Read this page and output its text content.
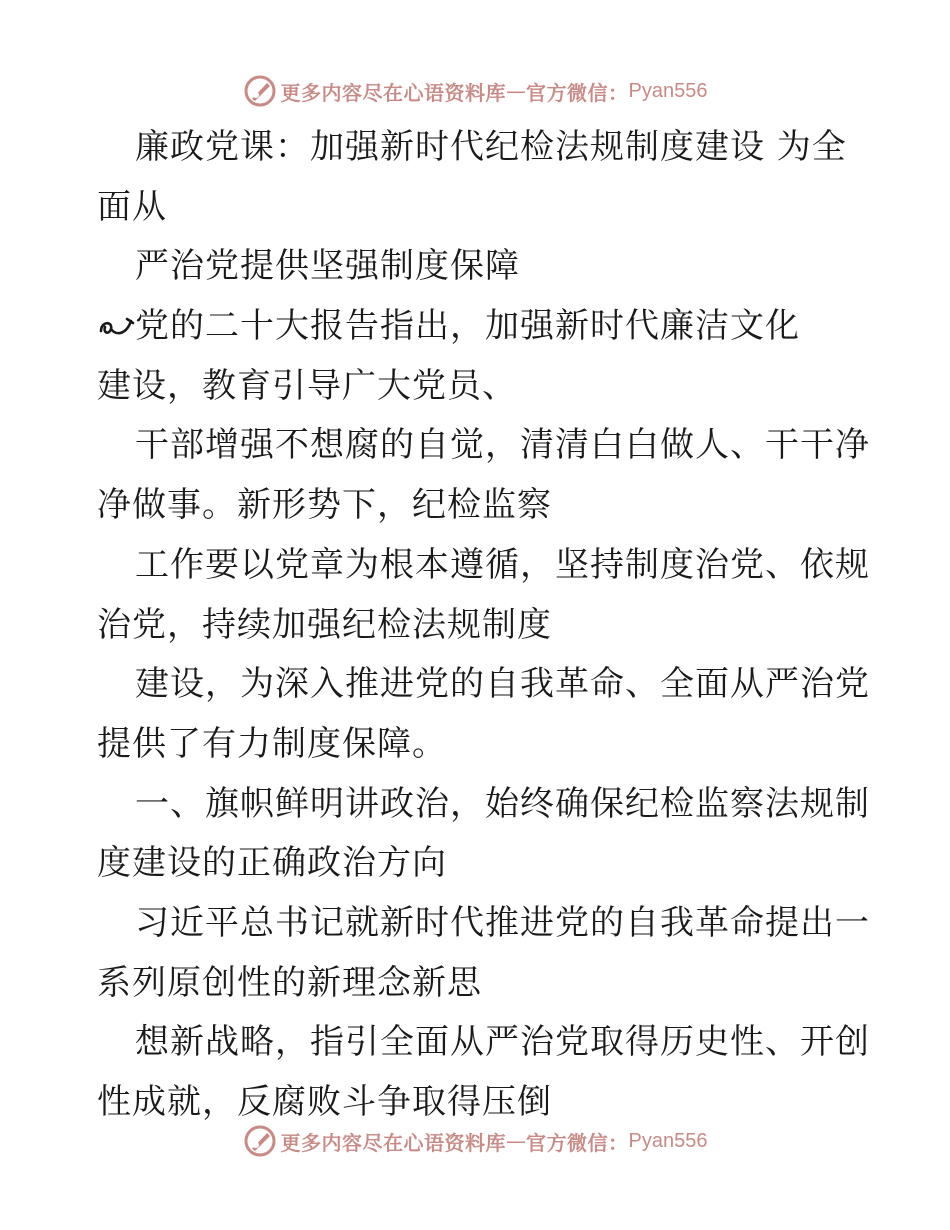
更多内容尽在心语资料库 — 官方微信： Pyan556
廉政党课：加强新时代纪检法规制度建设 为全
面从
严治党提供坚强制度保障
党的二十大报告指出，加强新时代廉洁文化
建设，教育引导广大党员、
干部增强不想腐的自觉，清清白白做人、干干净
净做事。新形势下，纪检监察
工作要以党章为根本遵循，坚持制度治党、依规
治党，持续加强纪检法规制度
建设，为深入推进党的自我革命、全面从严治党
提供了有力制度保障。
一、旗帜鲜明讲政治，始终确保纪检监察法规制
度建设的正确政治方向
习近平总书记就新时代推进党的自我革命提出一
系列原创性的新理念新思
想新战略，指引全面从严治党取得历史性、开创
性成就，反腐败斗争取得压倒
更多内容尽在心语资料库 — 官方微信： Pyan556
